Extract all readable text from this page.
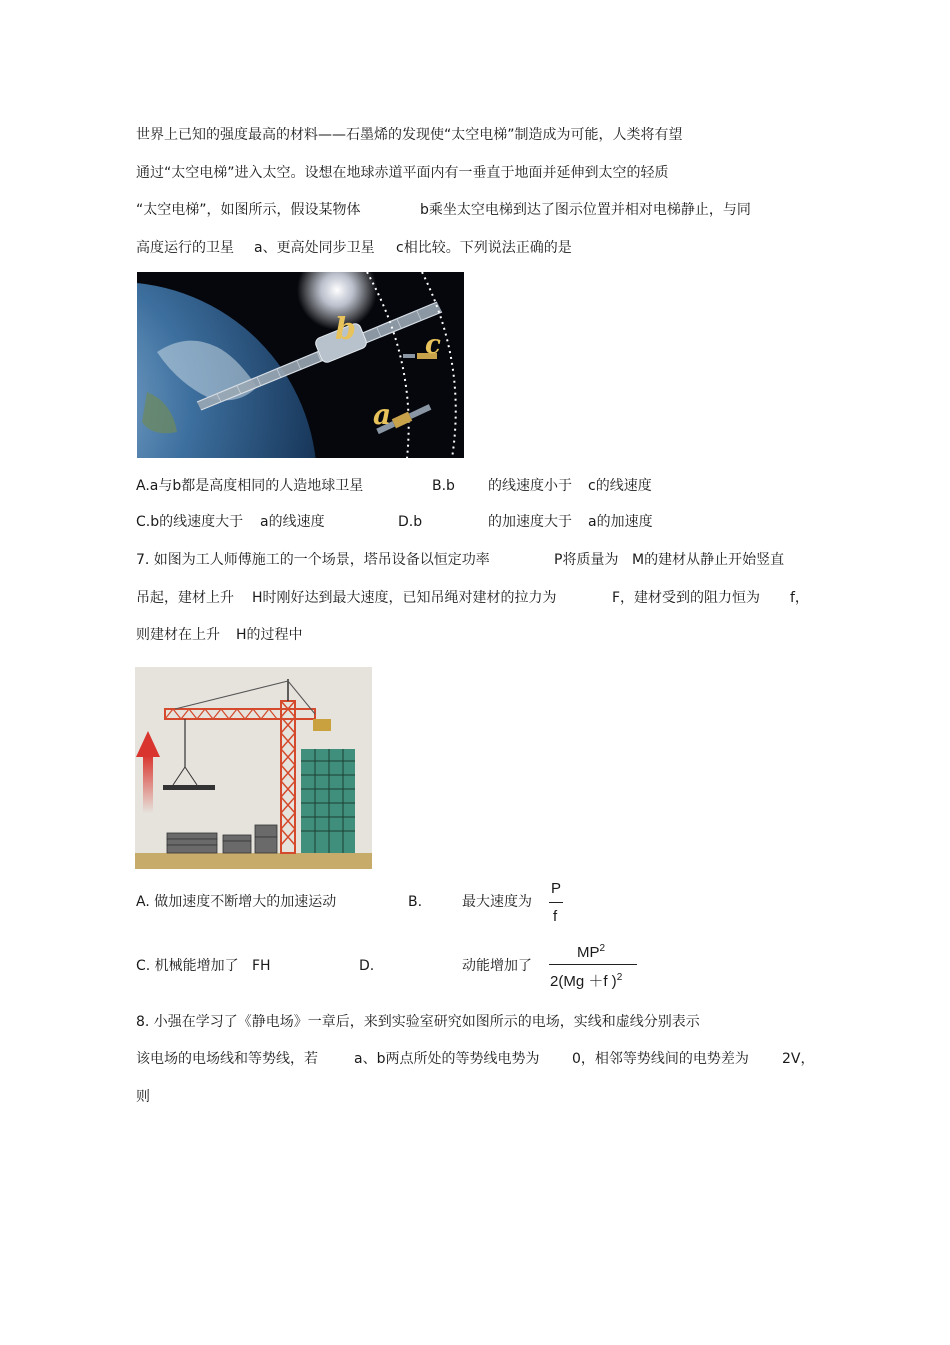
世界上已知的强度最高的材料——石墨烯的发现使“太空电梯”制造成为可能，人类将有望
通过“太空电梯”进入太空。设想在地球赤道平面内有一垂直于地面并延伸到太空的轻质
“太空电梯”，如图所示，假设某物体	b乘坐太空电梯到达了图示位置并相对电梯静止，与同
高度运行的卫星 a、更高处同步卫星 c相比较。下列说法正确的是
b	c
a
A.a与b都是高度相同的人造地球卫星	B.b 的线速度小于 c的线速度
C.b的线速度大于 a的线速度	D.b	的加速度大于 a的加速度
7. 如图为工人师傅施工的一个场景，塔吊设备以恒定功率	P将质量为 M的建材从静止开始竖直
吊起，建材上升 H时刚好达到最大速度，已知吊绳对建材的拉力为	F，建材受到的阻力恒为 f，
则建材在上升 H的过程中
A. 做加速度不断增大的加速运动	B.	最大速度为
P
f
C. 机械能增加了 FH	D.	动能增加了
$MP^2$
2(Mg ＋f )$^2$
8. 小强在学习了《静电场》一章后，来到实验室研究如图所示的电场，实线和虚线分别表示
该电场的电场线和等势线，若	a、b两点所处的等势线电势为 0，相邻等势线间的电势差为 2V，
则
